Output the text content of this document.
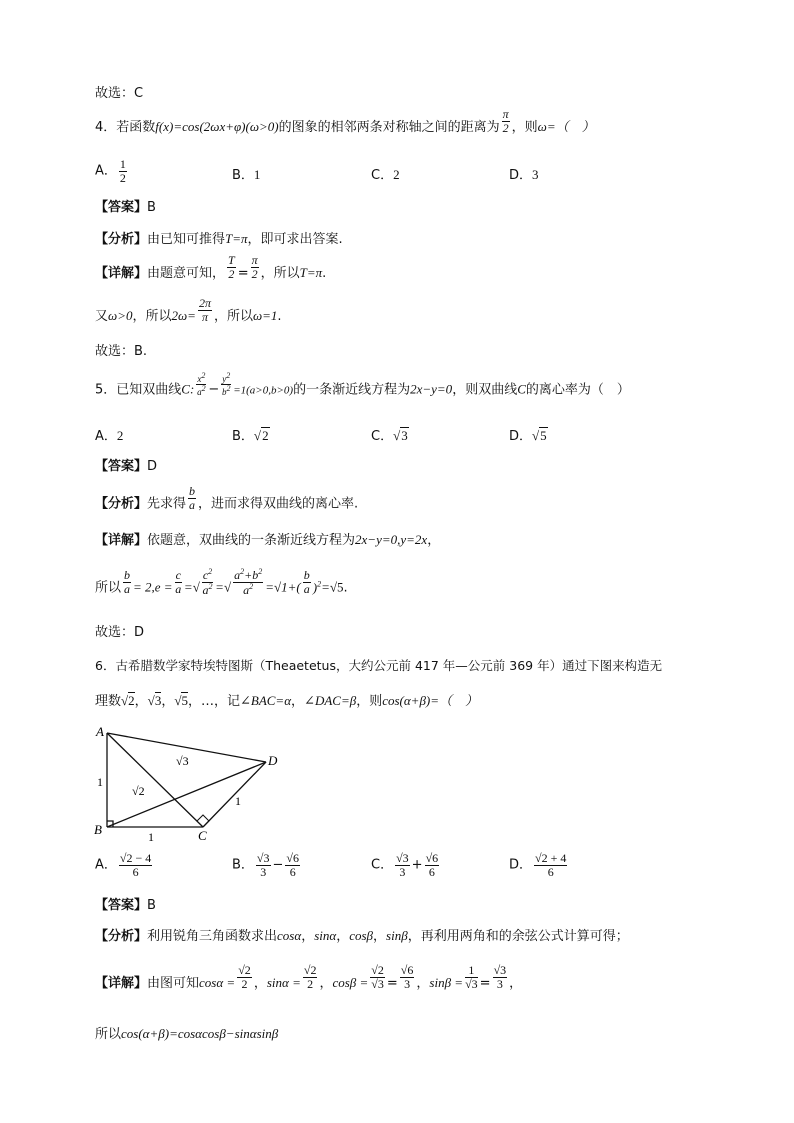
故选：C
4．若函数f(x)=cos(2ωx+φ)(ω>0)的图象的相邻两条对称轴之间的距离为 $\frac{\pi}{2}$ ，则ω=（　）
A． $\frac{1}{2}$	B．1	C．2	D．3
【答案】B
【分析】由已知可推得T=π，即可求出答案.
【详解】由题意可知， $\frac{T}{2} = \frac{\pi}{2}$ ，所以T=π.
又ω>0，所以$2\omega= \frac{2\pi}{\pi}$ ，所以ω=1.
故选：B.
5．已知双曲线C: $\frac{x^2}{a^2} - \frac{y^2}{b^2} =1(a>0,b>0)$的一条渐近线方程为2x−y=0，则双曲线C的离心率为（　）
A．2	B．√2	C．√3	D．√5
【答案】D
【分析】先求得 $\frac{b}{a}$ ，进而求得双曲线的离心率.
【详解】依题意，双曲线的一条渐近线方程为2x−y=0,y=2x，
所以 $\frac{b}{a} = 2,e = \frac{c}{a}$ =√ $\frac{c^2}{a^2}$ =√ $\frac{a^2+b^2}{a^2} =√1+( \frac{b}{a} )^2=√5$.
故选：D
6．古希腊数学家特埃特图斯（Theaetetus，大约公元前 417 年—公元前 369 年）通过下图来构造无
理数√2，√3，√5，…，记∠BAC=α，∠DAC=β，则cos(α+β)=（　）
A
B	C
D
1
1
1
√2
√3
A． $\frac{√2 - 4}{6}$	B． $\frac{√3}{3} - \frac{√6}{6}$	C． $\frac{√3}{3} + \frac{√6}{6}$	D． $\frac{√2 + 4}{6}$
【答案】B
【分析】利用锐角三角函数求出cosα，sinα，cosβ，sinβ，再利用两角和的余弦公式计算可得；
【详解】由图可知$\cos\alpha = \frac{√2}{2}$ ，$\sin\alpha = \frac{√2}{2}$ ，$\cos\beta = \frac{√2}{√3} = \frac{√6}{3}$ ，$\sin\beta = \frac{1}{√3} = \frac{√3}{3}$ ，
所以cos(α+β)=cosαcosβ−sinαsinβ
